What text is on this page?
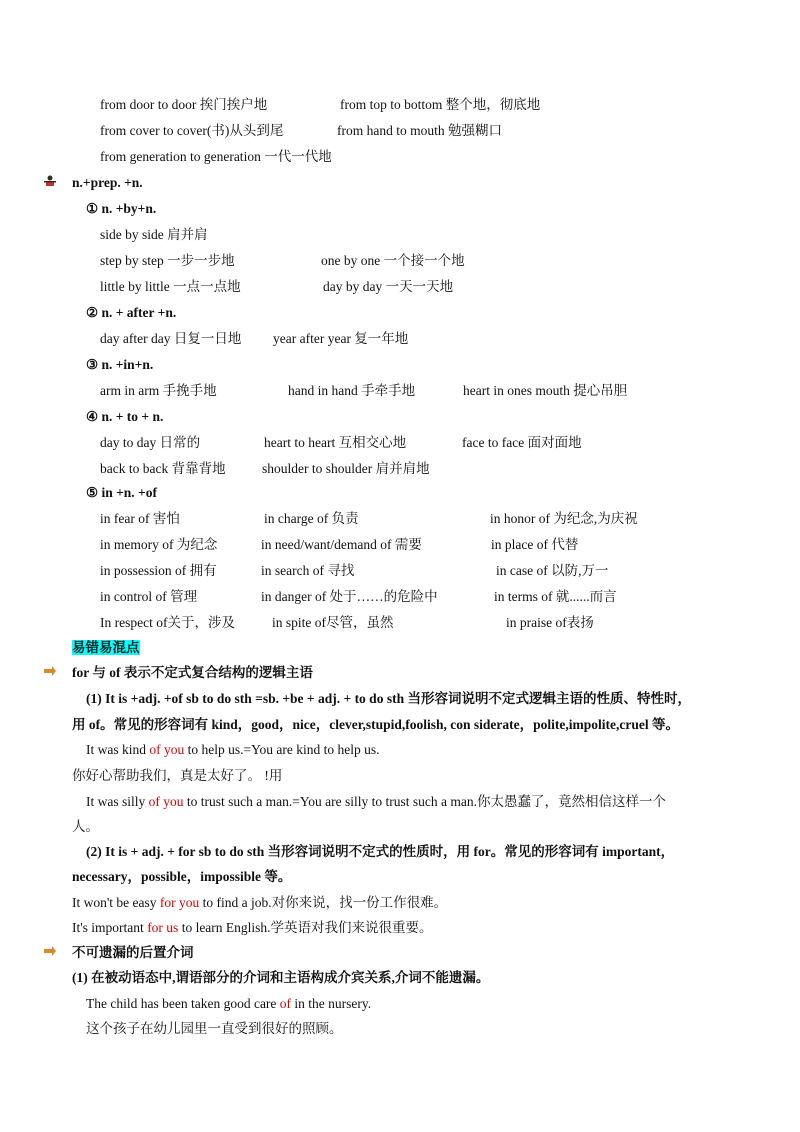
from door to door 挨门挨户地	from top to bottom 整个地，彻底地
from cover to cover(书)从头到尾	from hand to mouth 勉强糊口
from generation to generation 一代一代地
n.+prep. +n.
① n. +by+n.
side by side 肩并肩
step by step 一步一步地	one by one 一个接一个地
little by little 一点一点地	day by day 一天一天地
② n. + after +n.
day after day 日复一日地 year after year 复一年地
③ n. +in+n.
arm in arm 手挽手地	hand in hand 手牵手地	heart in ones mouth 提心吊胆
④ n. + to + n.
day to day 日常的	heart to heart 互相交心地	face to face 面对面地
back to back 背靠背地	shoulder to shoulder 肩并肩地
⑤ in +n. +of
in fear of 害怕	in charge of 负责	in honor of 为纪念,为庆祝
in memory of 为纪念	in need/want/demand of 需要	in place of 代替
in possession of 拥有	in search of 寻找	in case of 以防,万一
in control of 管理	in danger of 处于……的危险中	in terms of 就......而言
In respect of关于，涉及	in spite of尽管，虽然	in praise of表扬
易错易混点
for 与 of 表示不定式复合结构的逻辑主语
(1) It is +adj. +of sb to do sth =sb. +be + adj. + to do sth 当形容词说明不定式逻辑主语的性质、特性时，
用 of。常见的形容词有 kind，good，nice，clever,stupid,foolish, con siderate，polite,impolite,cruel 等。
It was kind of you to help us.=You are kind to help us.
你好心帮助我们，真是太好了。 !用
It was silly of you to trust such a man.=You are silly to trust such a man.你太愚蠢了，竟然相信这样一个
人。
(2) It is + adj. + for sb to do sth 当形容词说明不定式的性质时，用 for。常见的形容词有 important，
necessary，possible，impossible 等。
It won't be easy for you to find a job.对你来说，找一份工作很难。
It's important for us to learn English.学英语对我们来说很重要。
不可遗漏的后置介词
(1) 在被动语态中,谓语部分的介词和主语构成介宾关系,介词不能遗漏。
The child has been taken good care of in the nursery.
这个孩子在幼儿园里一直受到很好的照顾。
